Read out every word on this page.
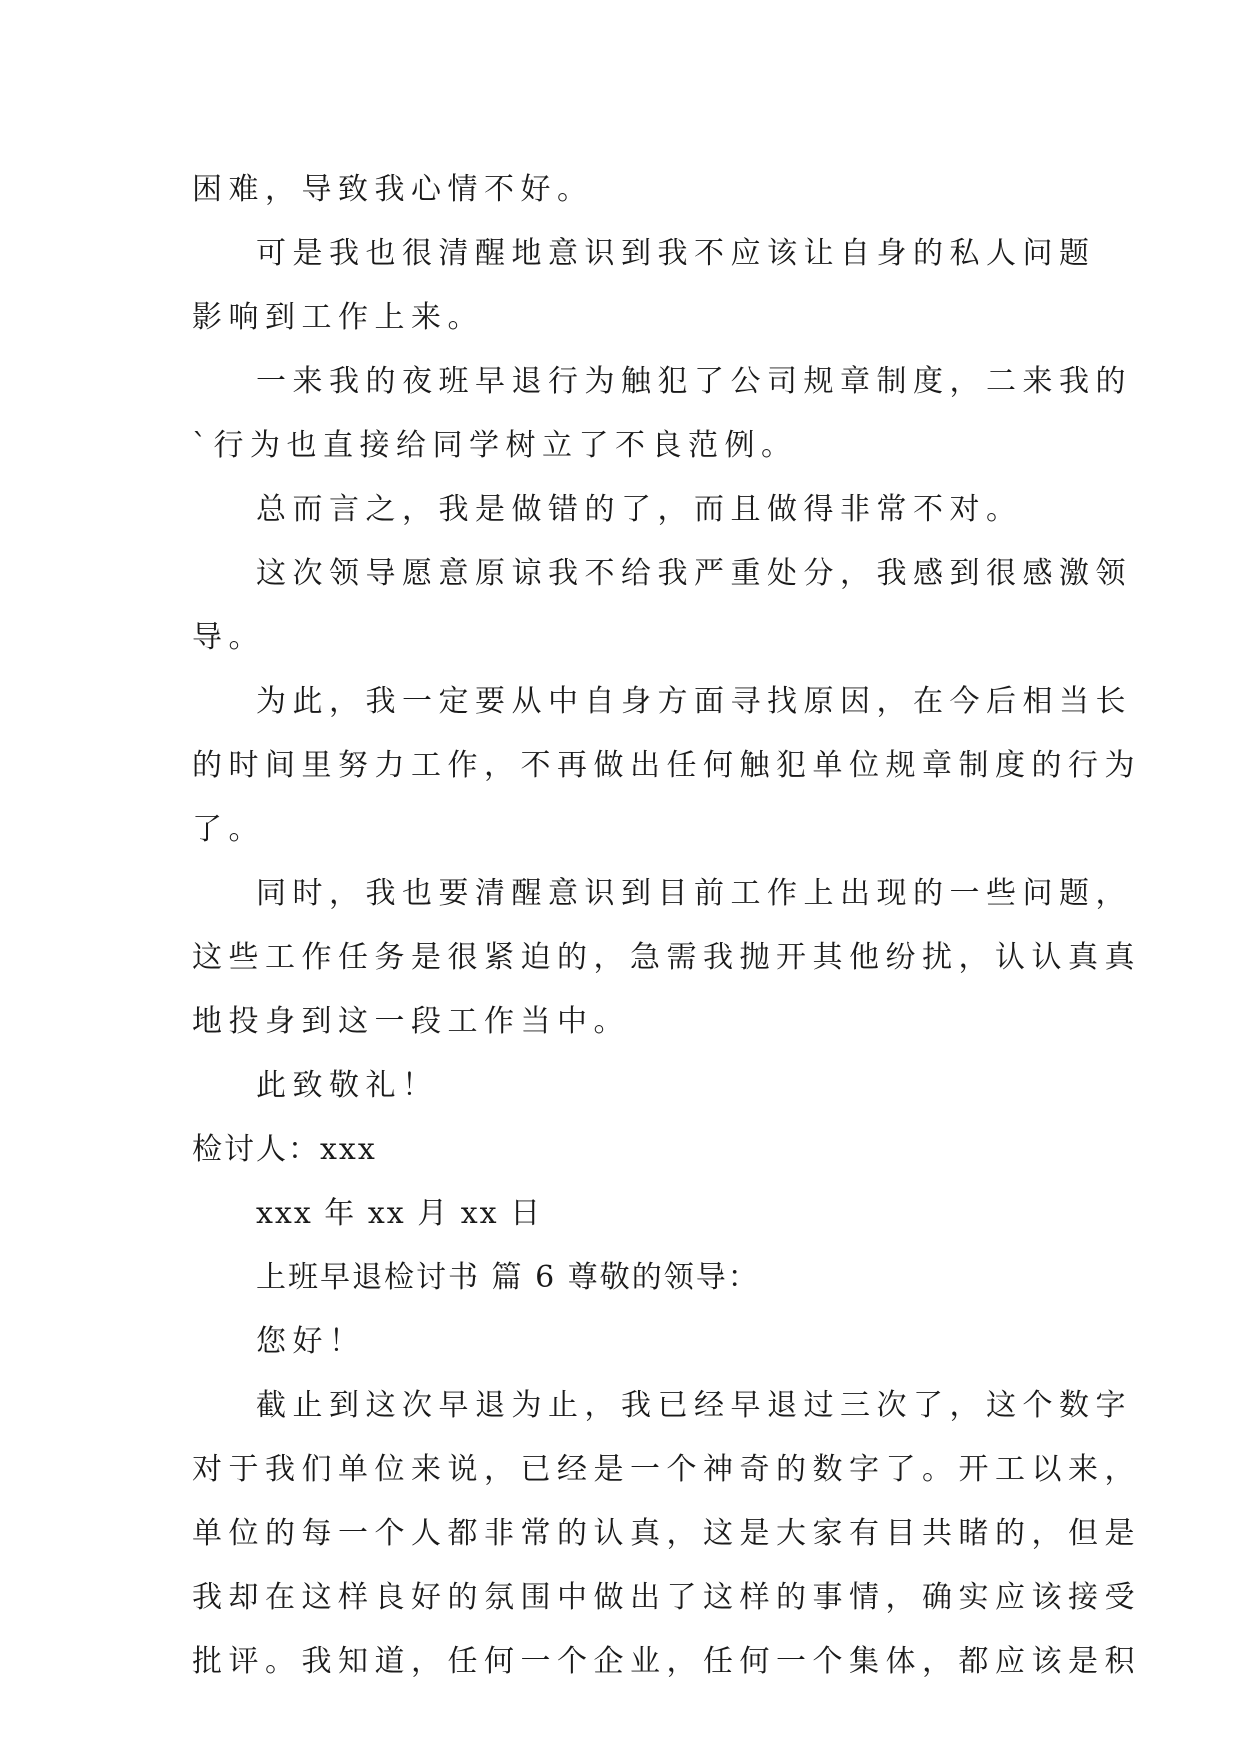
困难，导致我心情不好。
可是我也很清醒地意识到我不应该让自身的私人问题
影响到工作上来。
一来我的夜班早退行为触犯了公司规章制度，二来我的
`行为也直接给同学树立了不良范例。
总而言之，我是做错的了，而且做得非常不对。
这次领导愿意原谅我不给我严重处分，我感到很感激领
导。
为此，我一定要从中自身方面寻找原因，在今后相当长
的时间里努力工作，不再做出任何触犯单位规章制度的行为
了。
同时，我也要清醒意识到目前工作上出现的一些问题，
这些工作任务是很紧迫的，急需我抛开其他纷扰，认认真真
地投身到这一段工作当中。
此致敬礼！
检讨人：xxx
xxx 年 xx 月 xx 日
上班早退检讨书 篇 6 尊敬的领导：
您好！
截止到这次早退为止，我已经早退过三次了，这个数字
对于我们单位来说，已经是一个神奇的数字了。开工以来，
单位的每一个人都非常的认真，这是大家有目共睹的，但是
我却在这样良好的氛围中做出了这样的事情，确实应该接受
批评。我知道，任何一个企业，任何一个集体，都应该是积
